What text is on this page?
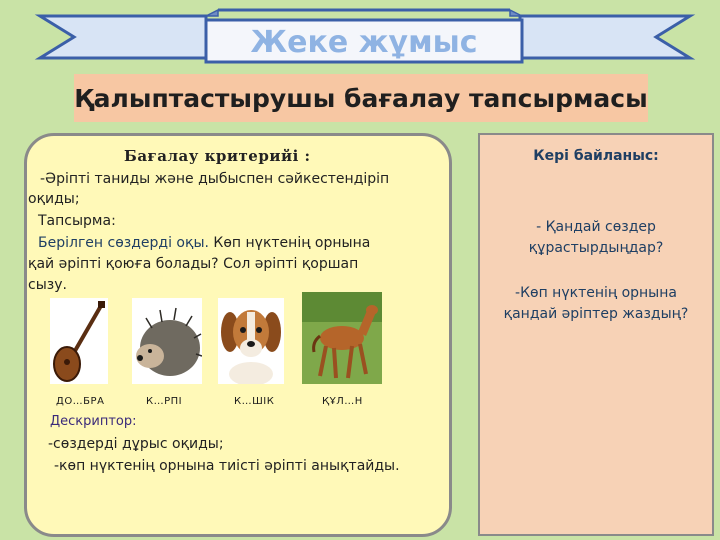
Жеке жұмыс
Қалыптастырушы бағалау тапсырмасы
Бағалау критерийі :
-Әріпті таниды және дыбыспен сәйкестендіріп
оқиды;
Тапсырма:
Берілген сөздерді оқы. Көп нүктенің орнына
қай әріпті қоюға болады? Сол әріпті қоршап
сызу.
ДО…БРА	К…РПІ	К…ШІК	ҚҰЛ…Н
Дескриптор:
-сөздерді дұрыс оқиды;
-көп нүктенің орнына тиісті әріпті анықтайды.
Кері байланыс:
- Қандай сөздер
құрастырдыңдар?
-Көп нүктенің орнына
қандай әріптер жаздың?
